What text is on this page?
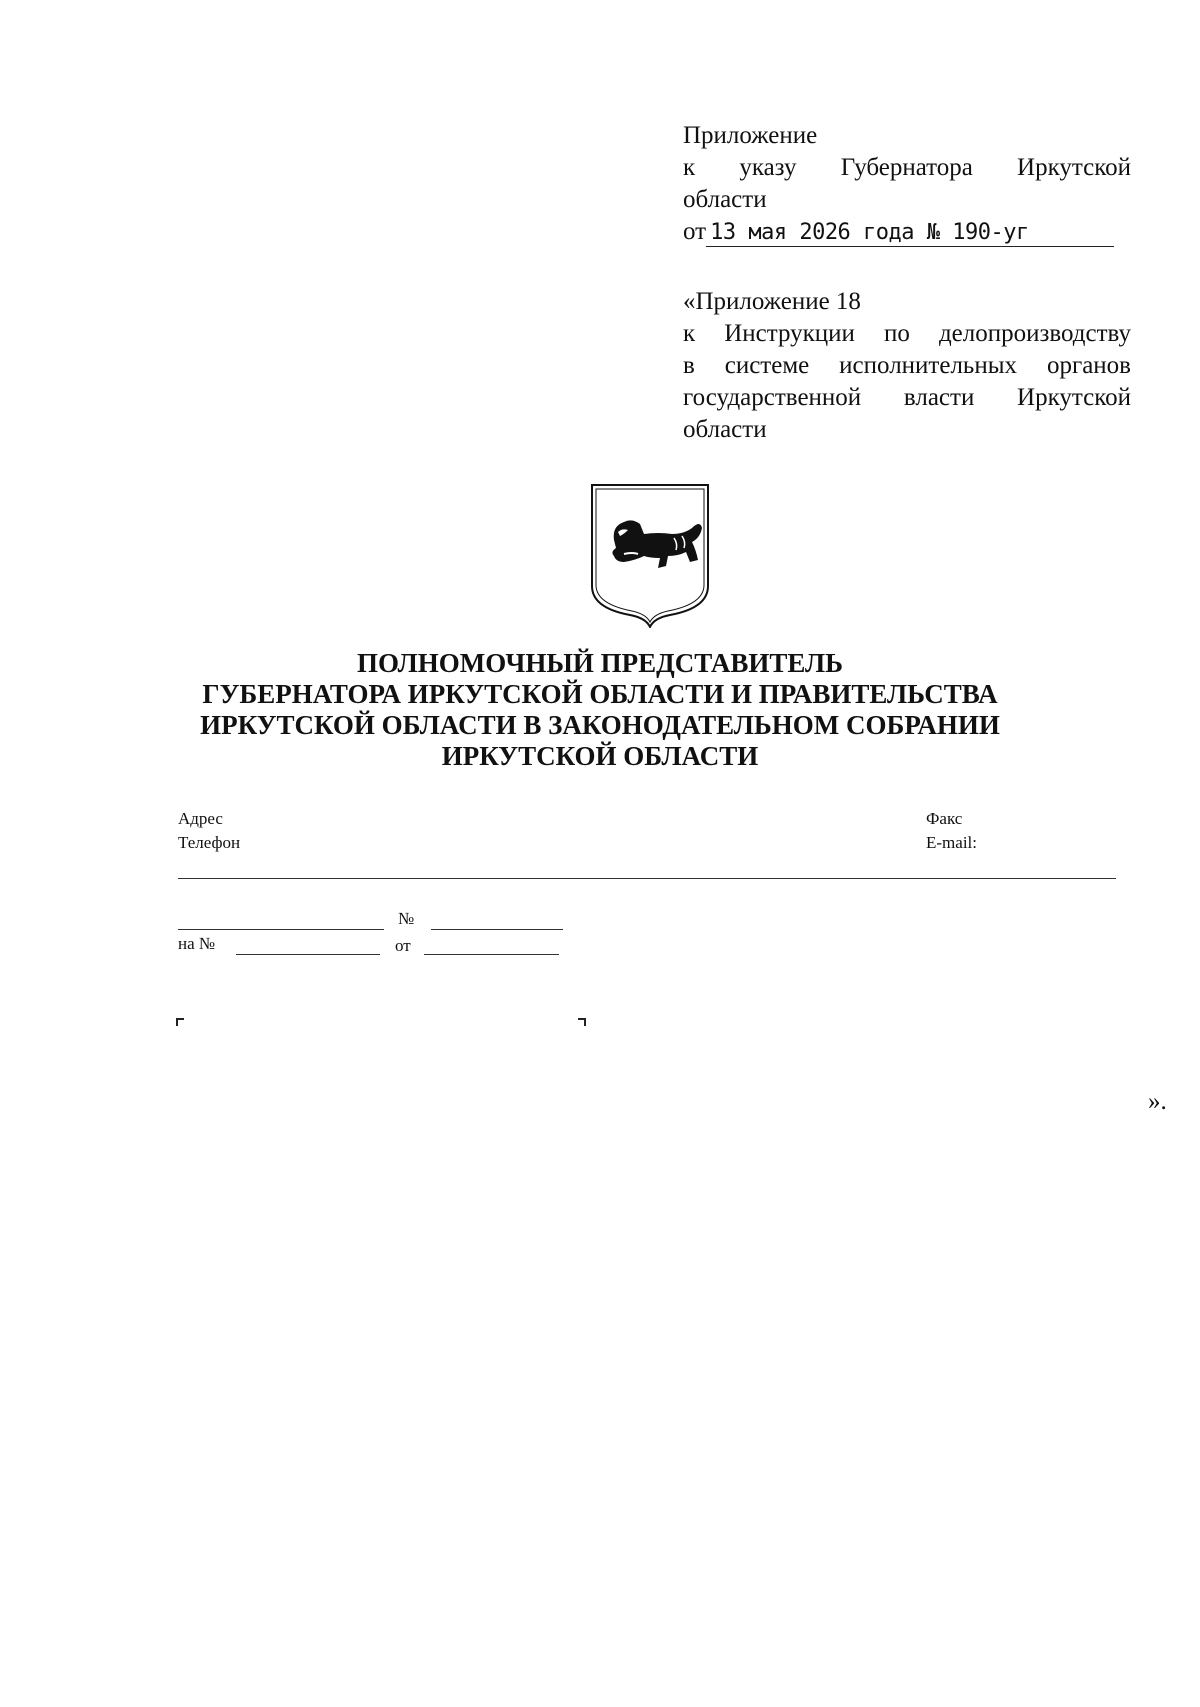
Приложение
к указу Губернатора Иркутской
области
от 13 мая 2026 года № 190-уг
«Приложение 18
к Инструкции по делопроизводству
в системе исполнительных органов
государственной власти Иркутской
области
ПОЛНОМОЧНЫЙ ПРЕДСТАВИТЕЛЬ
ГУБЕРНАТОРА ИРКУТСКОЙ ОБЛАСТИ И ПРАВИТЕЛЬСТВА
ИРКУТСКОЙ ОБЛАСТИ В ЗАКОНОДАТЕЛЬНОМ СОБРАНИИ
ИРКУТСКОЙ ОБЛАСТИ
Адрес
Телефон
Факс
E-mail:
№
на №	от
».
